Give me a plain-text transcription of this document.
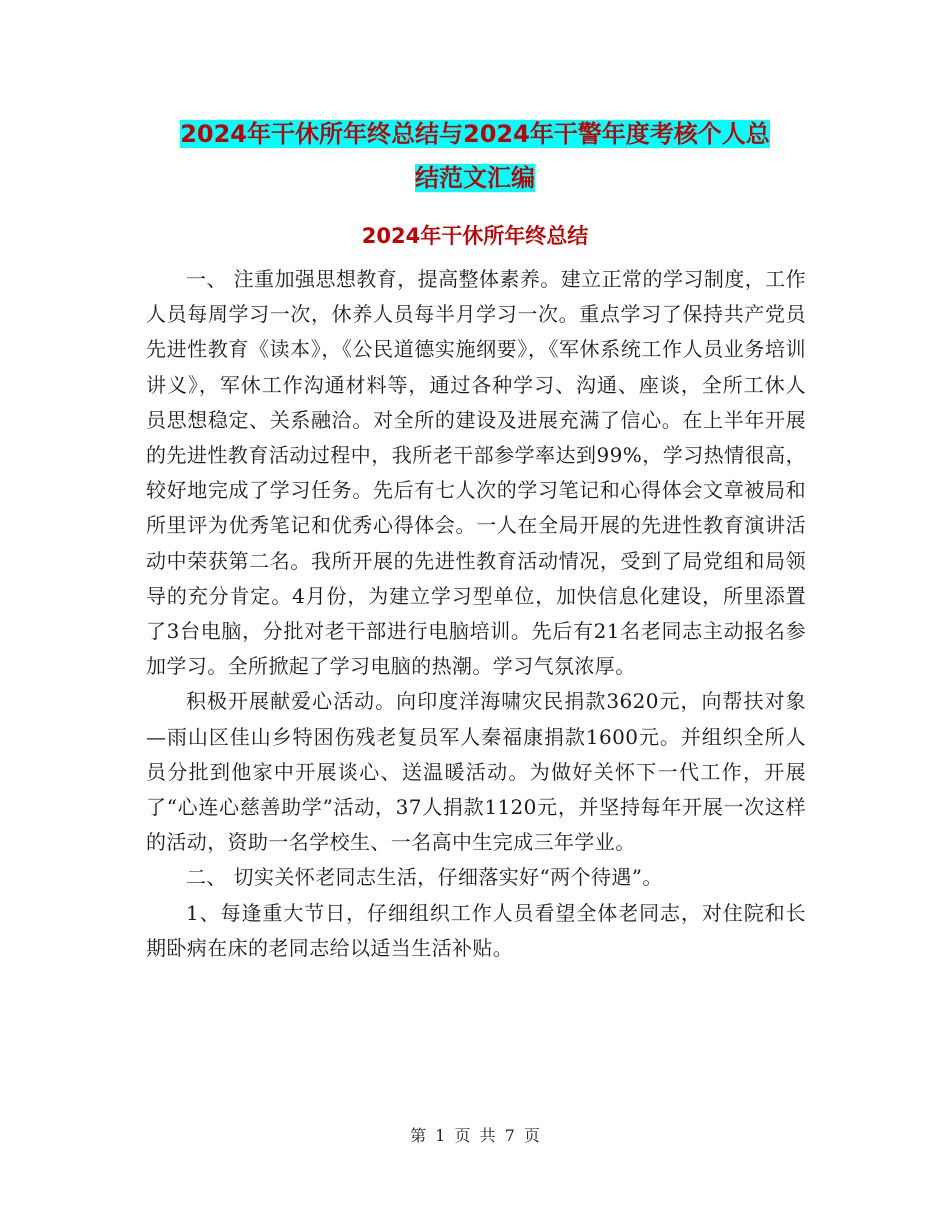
2024年干休所年终总结与2024年干警年度考核个人总
结范文汇编
2024年干休所年终总结

一、 注重加强思想教育，提高整体素养。建立正常的学习制度，工作人员每周学习一次，休养人员每半月学习一次。重点学习了保持共产党员先进性教育《读本》，《公民道德实施纲要》，《军休系统工作人员业务培训讲义》，军休工作沟通材料等，通过各种学习、沟通、座谈，全所工休人员思想稳定、关系融洽。对全所的建设及进展充满了信心。在上半年开展的先进性教育活动过程中，我所老干部参学率达到99%，学习热情很高，较好地完成了学习任务。先后有七人次的学习笔记和心得体会文章被局和所里评为优秀笔记和优秀心得体会。一人在全局开展的先进性教育演讲活动中荣获第二名。我所开展的先进性教育活动情况，受到了局党组和局领导的充分肯定。4月份，为建立学习型单位，加快信息化建设，所里添置了3台电脑，分批对老干部进行电脑培训。先后有21名老同志主动报名参加学习。全所掀起了学习电脑的热潮。学习气氛浓厚。

积极开展献爱心活动。向印度洋海啸灾民捐款3620元，向帮扶对象—雨山区佳山乡特困伤残老复员军人秦福康捐款1600元。并组织全所人员分批到他家中开展谈心、送温暖活动。为做好关怀下一代工作，开展了“心连心慈善助学”活动，37人捐款1120元，并坚持每年开展一次这样的活动，资助一名学校生、一名高中生完成三年学业。

二、 切实关怀老同志生活，仔细落实好“两个待遇”。

1、每逢重大节日，仔细组织工作人员看望全体老同志，对住院和长期卧病在床的老同志给以适当生活补贴。

第 1 页 共 7 页
